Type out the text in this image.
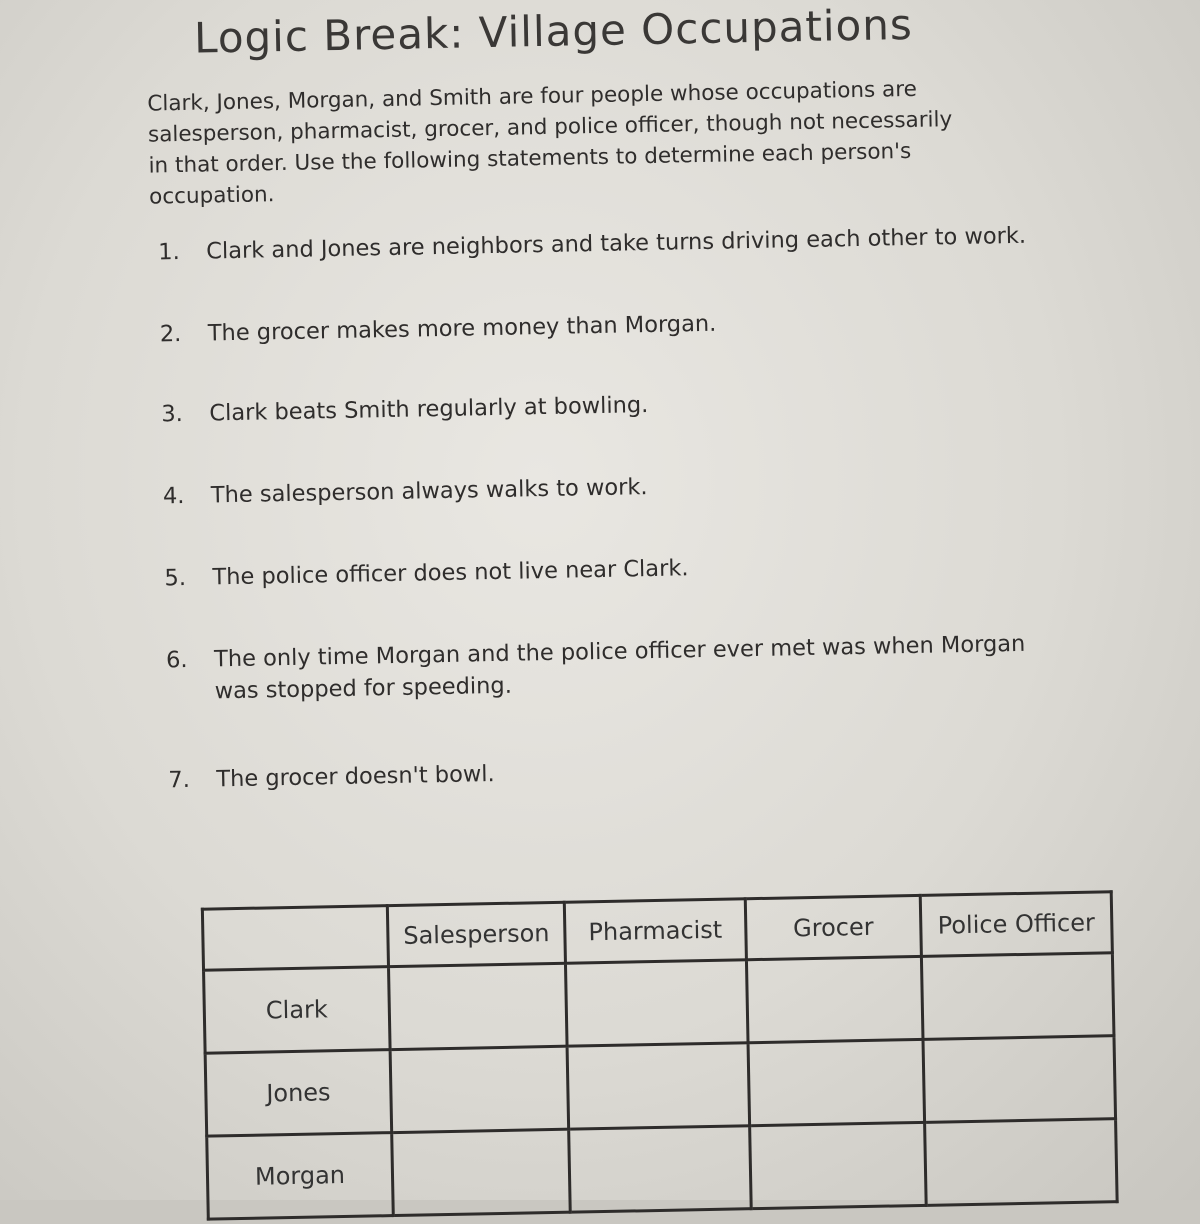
Logic Break: Village Occupations
Clark, Jones, Morgan, and Smith are four people whose occupations are
salesperson, pharmacist, grocer, and police officer, though not necessarily
in that order. Use the following statements to determine each person's
occupation.
1.	Clark and Jones are neighbors and take turns driving each other to work.
2.	The grocer makes more money than Morgan.
3.	Clark beats Smith regularly at bowling.
4.	The salesperson always walks to work.
5.	The police officer does not live near Clark.
6.	The only time Morgan and the police officer ever met was when Morgan
was stopped for speeding.
7.	The grocer doesn't bowl.
	Salesperson	Pharmacist	Grocer	Police Officer
Clark				
Jones				
Morgan				
